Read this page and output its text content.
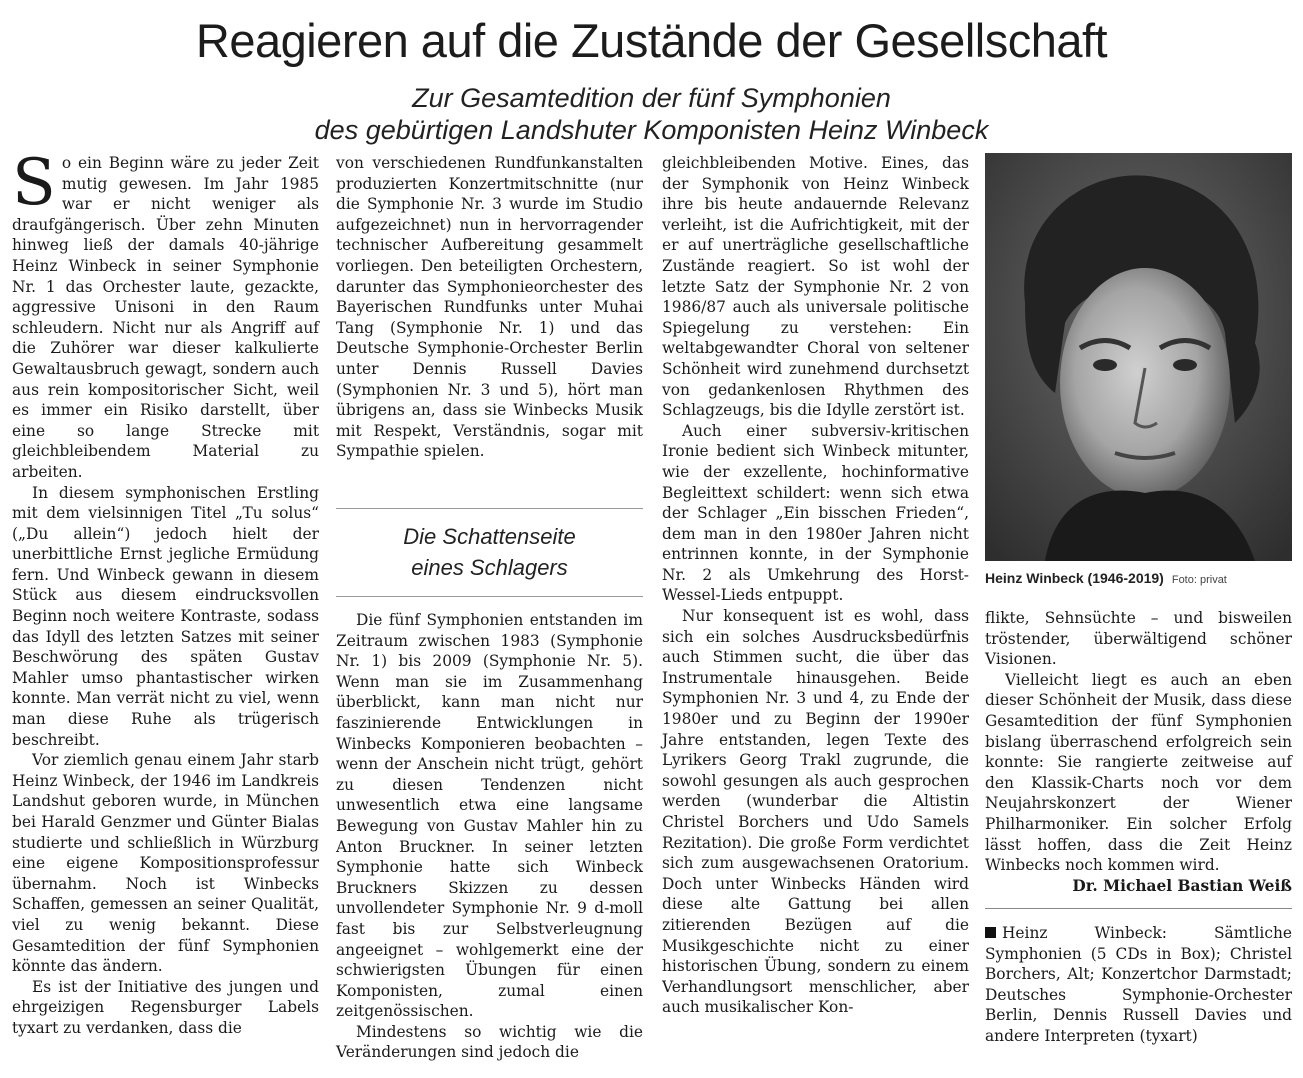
Reagieren auf die Zustände der Gesellschaft
Zur Gesamtedition der fünf Symphonien
des gebürtigen Landshuter Komponisten Heinz Winbeck

So ein Beginn wäre zu jeder Zeit mutig gewesen. Im Jahr 1985 war er nicht weniger als draufgängerisch. Über zehn Minuten hinweg ließ der damals 40-jährige Heinz Winbeck in seiner Symphonie Nr. 1 das Orchester laute, gezackte, aggressive Unisoni in den Raum schleudern. Nicht nur als Angriff auf die Zuhörer war dieser kalkulierte Gewaltausbruch gewagt, sondern auch aus rein kompositorischer Sicht, weil es immer ein Risiko darstellt, über eine so lange Strecke mit gleichbleibendem Material zu arbeiten.

In diesem symphonischen Erstling mit dem vielsinnigen Titel „Tu solus“ („Du allein“) jedoch hielt der unerbittliche Ernst jegliche Ermüdung fern. Und Winbeck gewann in diesem Stück aus diesem eindrucksvollen Beginn noch weitere Kontraste, sodass das Idyll des letzten Satzes mit seiner Beschwörung des späten Gustav Mahler umso phantastischer wirken konnte. Man verrät nicht zu viel, wenn man diese Ruhe als trügerisch beschreibt.

Vor ziemlich genau einem Jahr starb Heinz Winbeck, der 1946 im Landkreis Landshut geboren wurde, in München bei Harald Genzmer und Günter Bialas studierte und schließlich in Würzburg eine eigene Kompositionsprofessur übernahm. Noch ist Winbecks Schaffen, gemessen an seiner Qualität, viel zu wenig bekannt. Diese Gesamtedition der fünf Symphonien könnte das ändern.

Es ist der Initiative des jungen und ehrgeizigen Regensburger Labels tyxart zu verdanken, dass die

von verschiedenen Rundfunkanstalten produzierten Konzertmitschnitte (nur die Symphonie Nr. 3 wurde im Studio aufgezeichnet) nun in hervorragender technischer Aufbereitung gesammelt vorliegen. Den beteiligten Orchestern, darunter das Symphonieorchester des Bayerischen Rundfunks unter Muhai Tang (Symphonie Nr. 1) und das Deutsche Symphonie-Orchester Berlin unter Dennis Russell Davies (Symphonien Nr. 3 und 5), hört man übrigens an, dass sie Winbecks Musik mit Respekt, Verständnis, sogar mit Sympathie spielen.

Die Schattenseite
eines Schlagers

Die fünf Symphonien entstanden im Zeitraum zwischen 1983 (Symphonie Nr. 1) bis 2009 (Symphonie Nr. 5). Wenn man sie im Zusammenhang überblickt, kann man nicht nur faszinierende Entwicklungen in Winbecks Komponieren beobachten – wenn der Anschein nicht trügt, gehört zu diesen Tendenzen nicht unwesentlich etwa eine langsame Bewegung von Gustav Mahler hin zu Anton Bruckner. In seiner letzten Symphonie hatte sich Winbeck Bruckners Skizzen zu dessen unvollendeter Symphonie Nr. 9 d-moll fast bis zur Selbstverleugnung angeeignet – wohlgemerkt eine der schwierigsten Übungen für einen Komponisten, zumal einen zeitgenössischen.

Mindestens so wichtig wie die Veränderungen sind jedoch die

gleichbleibenden Motive. Eines, das der Symphonik von Heinz Winbeck ihre bis heute andauernde Relevanz verleiht, ist die Aufrichtigkeit, mit der er auf unerträgliche gesellschaftliche Zustände reagiert. So ist wohl der letzte Satz der Symphonie Nr. 2 von 1986/87 auch als universale politische Spiegelung zu verstehen: Ein weltabgewandter Choral von seltener Schönheit wird zunehmend durchsetzt von gedankenlosen Rhythmen des Schlagzeugs, bis die Idylle zerstört ist.

Auch einer subversiv-kritischen Ironie bedient sich Winbeck mitunter, wie der exzellente, hochinformative Begleittext schildert: wenn sich etwa der Schlager „Ein bisschen Frieden“, dem man in den 1980er Jahren nicht entrinnen konnte, in der Symphonie Nr. 2 als Umkehrung des Horst-Wessel-Lieds entpuppt.

Nur konsequent ist es wohl, dass sich ein solches Ausdrucksbedürfnis auch Stimmen sucht, die über das Instrumentale hinausgehen. Beide Symphonien Nr. 3 und 4, zu Ende der 1980er und zu Beginn der 1990er Jahre entstanden, legen Texte des Lyrikers Georg Trakl zugrunde, die sowohl gesungen als auch gesprochen werden (wunderbar die Altistin Christel Borchers und Udo Samels Rezitation). Die große Form verdichtet sich zum ausgewachsenen Oratorium. Doch unter Winbecks Händen wird diese alte Gattung bei allen zitierenden Bezügen auf die Musikgeschichte nicht zu einer historischen Übung, sondern zu einem Verhandlungsort menschlicher, aber auch musikalischer Kon-

Heinz Winbeck (1946-2019) Foto: privat

flikte, Sehnsüchte – und bisweilen tröstender, überwältigend schöner Visionen.

Vielleicht liegt es auch an eben dieser Schönheit der Musik, dass diese Gesamtedition der fünf Symphonien bislang überraschend erfolgreich sein konnte: Sie rangierte zeitweise auf den Klassik-Charts noch vor dem Neujahrskonzert der Wiener Philharmoniker. Ein solcher Erfolg lässt hoffen, dass die Zeit Heinz Winbecks noch kommen wird.
Dr. Michael Bastian Weiß

Heinz Winbeck: Sämtliche Symphonien (5 CDs in Box); Christel Borchers, Alt; Konzertchor Darmstadt; Deutsches Symphonie-Orchester Berlin, Dennis Russell Davies und andere Interpreten (tyxart)
